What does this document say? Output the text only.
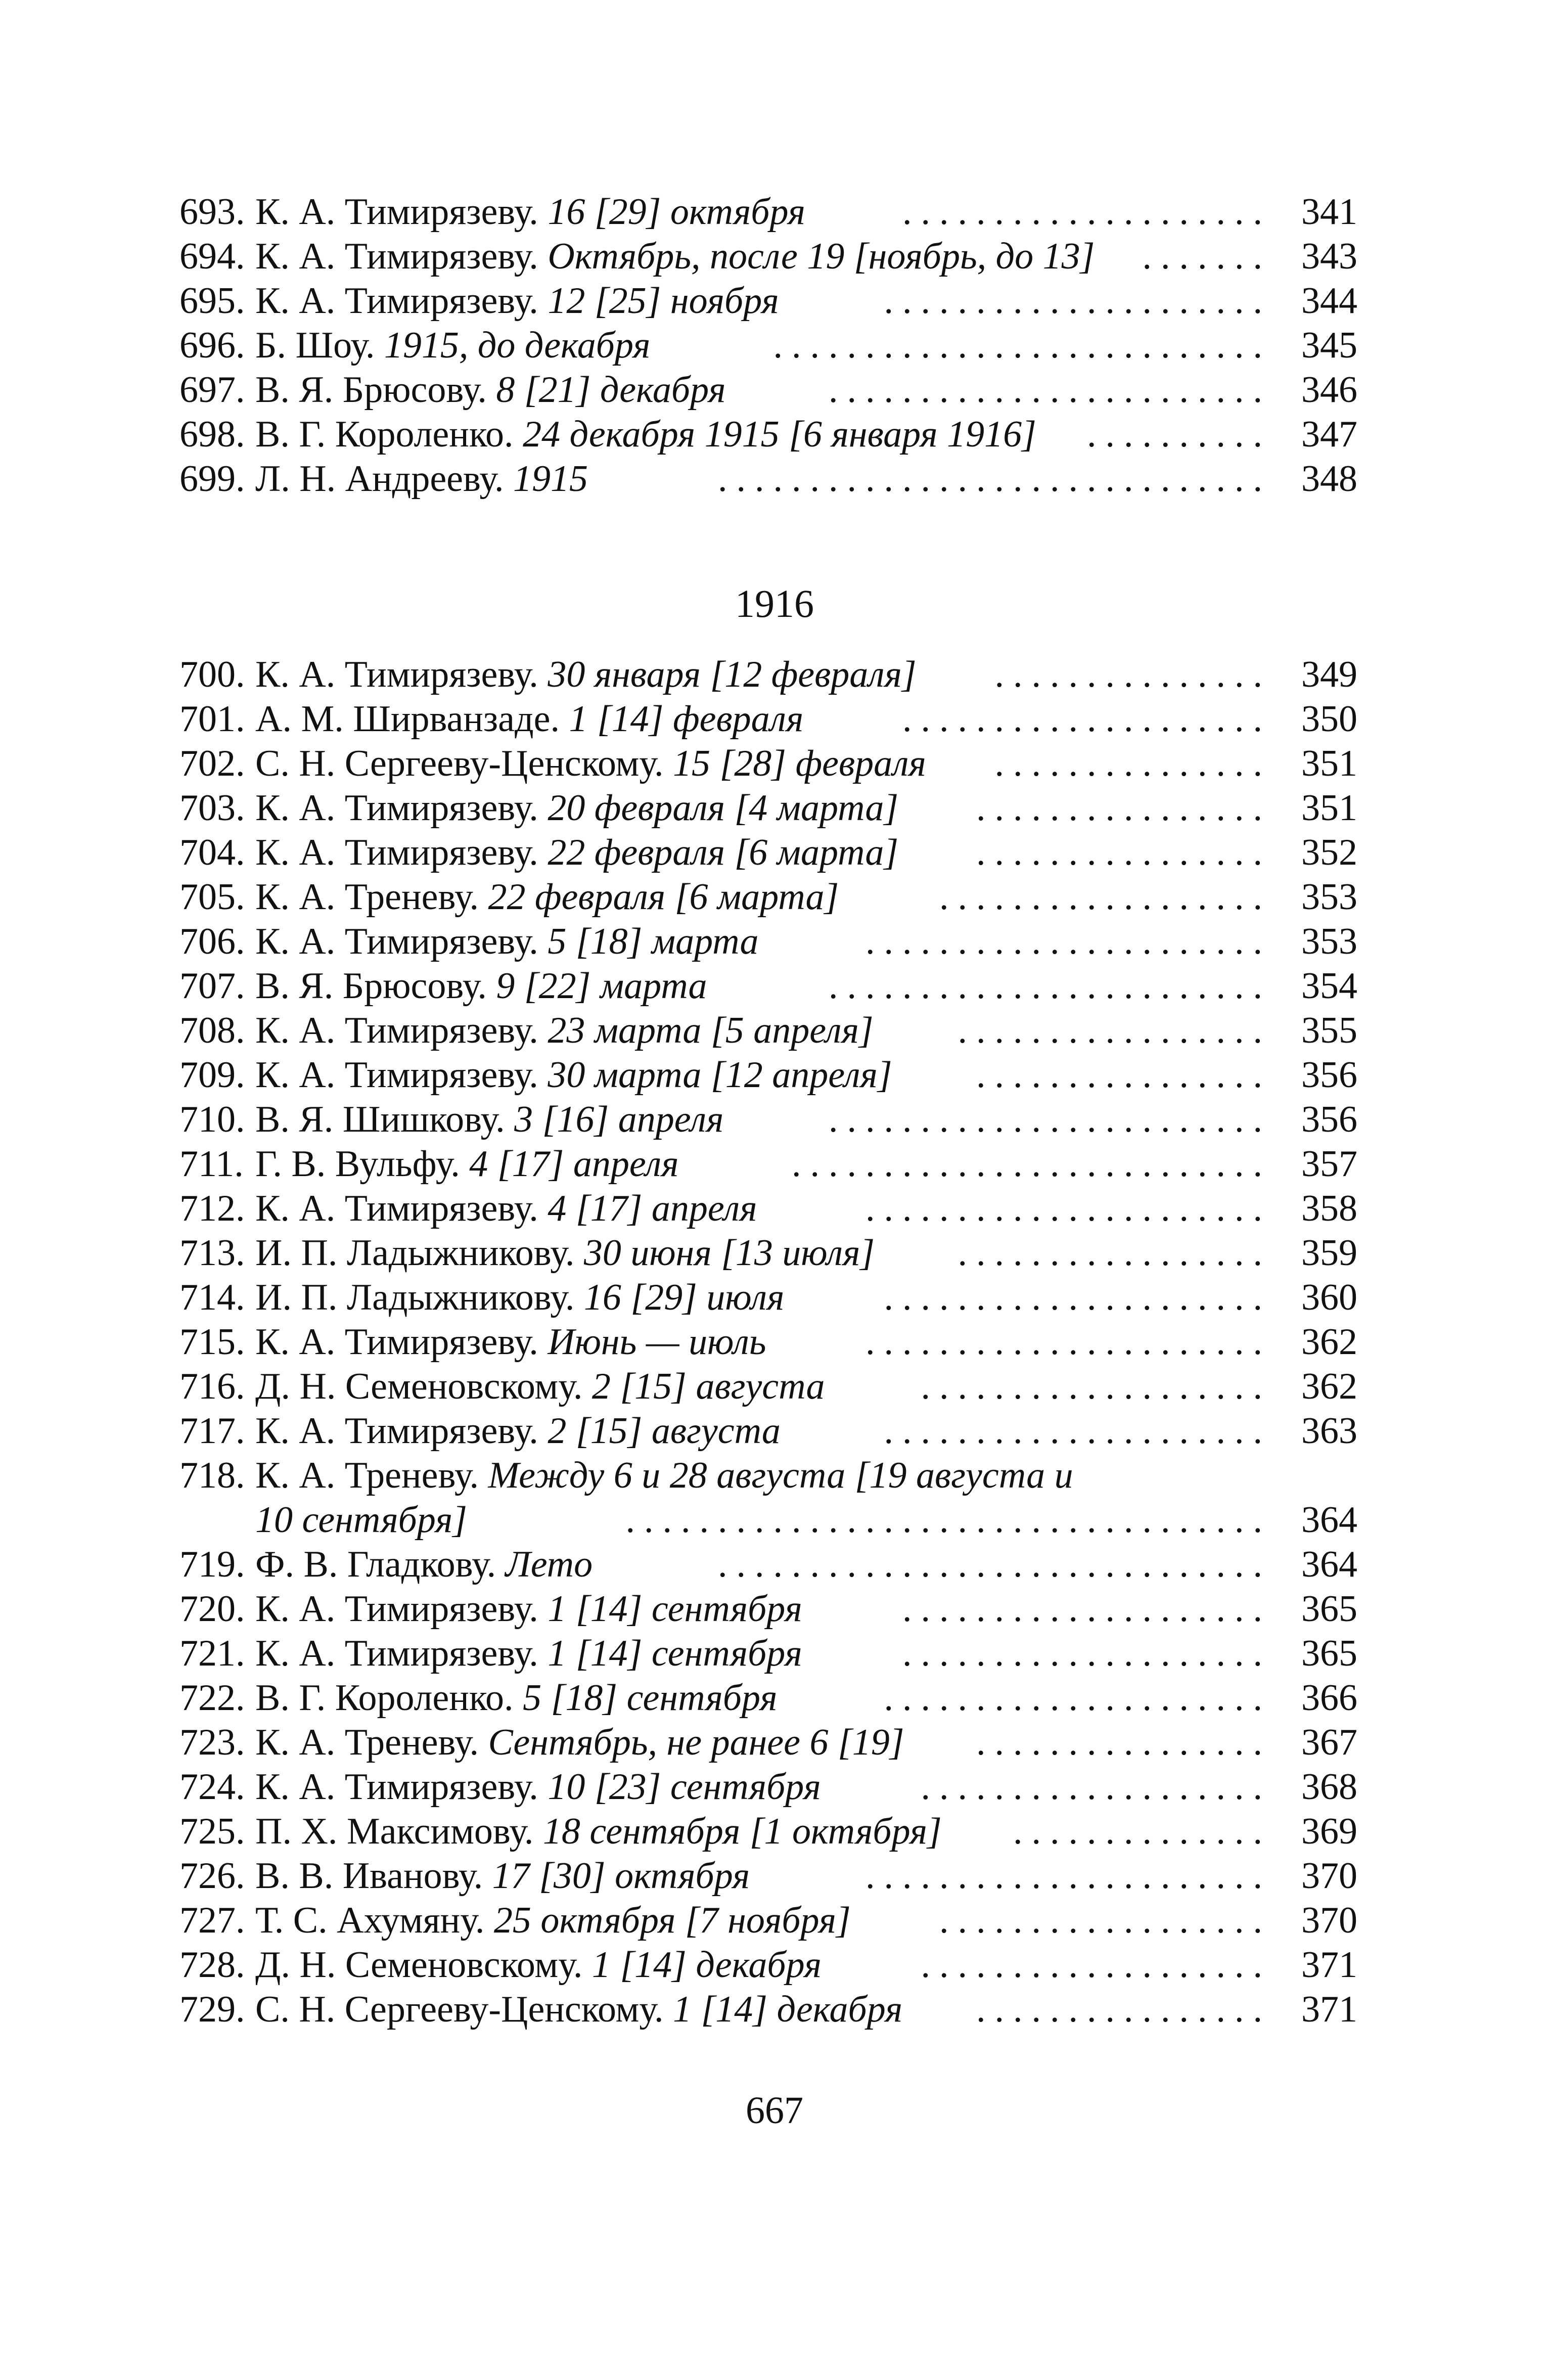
693. К. А. Тимирязеву. 16 [29] октября	.................... 341
694. К. А. Тимирязеву. Октябрь, после 19 [ноябрь, до 13]	....... 343
695. К. А. Тимирязеву. 12 [25] ноября	..................... 344
696. Б. Шоу. 1915, до декабря	........................... 345
697. В. Я. Брюсову. 8 [21] декабря	........................ 346
698. В. Г. Короленко. 24 декабря 1915 [6 января 1916]	.......... 347
699. Л. Н. Андрееву. 1915	.............................. 348
1916
700. К. А. Тимирязеву. 30 января [12 февраля]	............... 349
701. А. М. Ширванзаде. 1 [14] февраля	.................... 350
702. С. Н. Сергееву-Ценскому. 15 [28] февраля	............... 351
703. К. А. Тимирязеву. 20 февраля [4 марта]	................ 351
704. К. А. Тимирязеву. 22 февраля [6 марта]	................ 352
705. К. А. Треневу. 22 февраля [6 марта]	.................. 353
706. К. А. Тимирязеву. 5 [18] марта	...................... 353
707. В. Я. Брюсову. 9 [22] марта	........................ 354
708. К. А. Тимирязеву. 23 марта [5 апреля]	................. 355
709. К. А. Тимирязеву. 30 марта [12 апреля]	................ 356
710. В. Я. Шишкову. 3 [16] апреля	........................ 356
711. Г. В. Вульфу. 4 [17] апреля	.......................... 357
712. К. А. Тимирязеву. 4 [17] апреля	...................... 358
713. И. П. Ладыжникову. 30 июня [13 июля]	................. 359
714. И. П. Ладыжникову. 16 [29] июля	..................... 360
715. К. А. Тимирязеву. Июнь — июль	...................... 362
716. Д. Н. Семеновскому. 2 [15] августа	................... 362
717. К. А. Тимирязеву. 2 [15] августа	..................... 363
718. К. А. Треневу. Между 6 и 28 августа [19 августа и
10 сентября]	................................... 364
719. Ф. В. Гладкову. Лето	.............................. 364
720. К. А. Тимирязеву. 1 [14] сентября	.................... 365
721. К. А. Тимирязеву. 1 [14] сентября	.................... 365
722. В. Г. Короленко. 5 [18] сентября	..................... 366
723. К. А. Треневу. Сентябрь, не ранее 6 [19]	................ 367
724. К. А. Тимирязеву. 10 [23] сентября	................... 368
725. П. Х. Максимову. 18 сентября [1 октября]	.............. 369
726. В. В. Иванову. 17 [30] октября	...................... 370
727. Т. С. Ахумяну. 25 октября [7 ноября]	.................. 370
728. Д. Н. Семеновскому. 1 [14] декабря	................... 371
729. С. Н. Сергееву-Ценскому. 1 [14] декабря	................ 371
667
